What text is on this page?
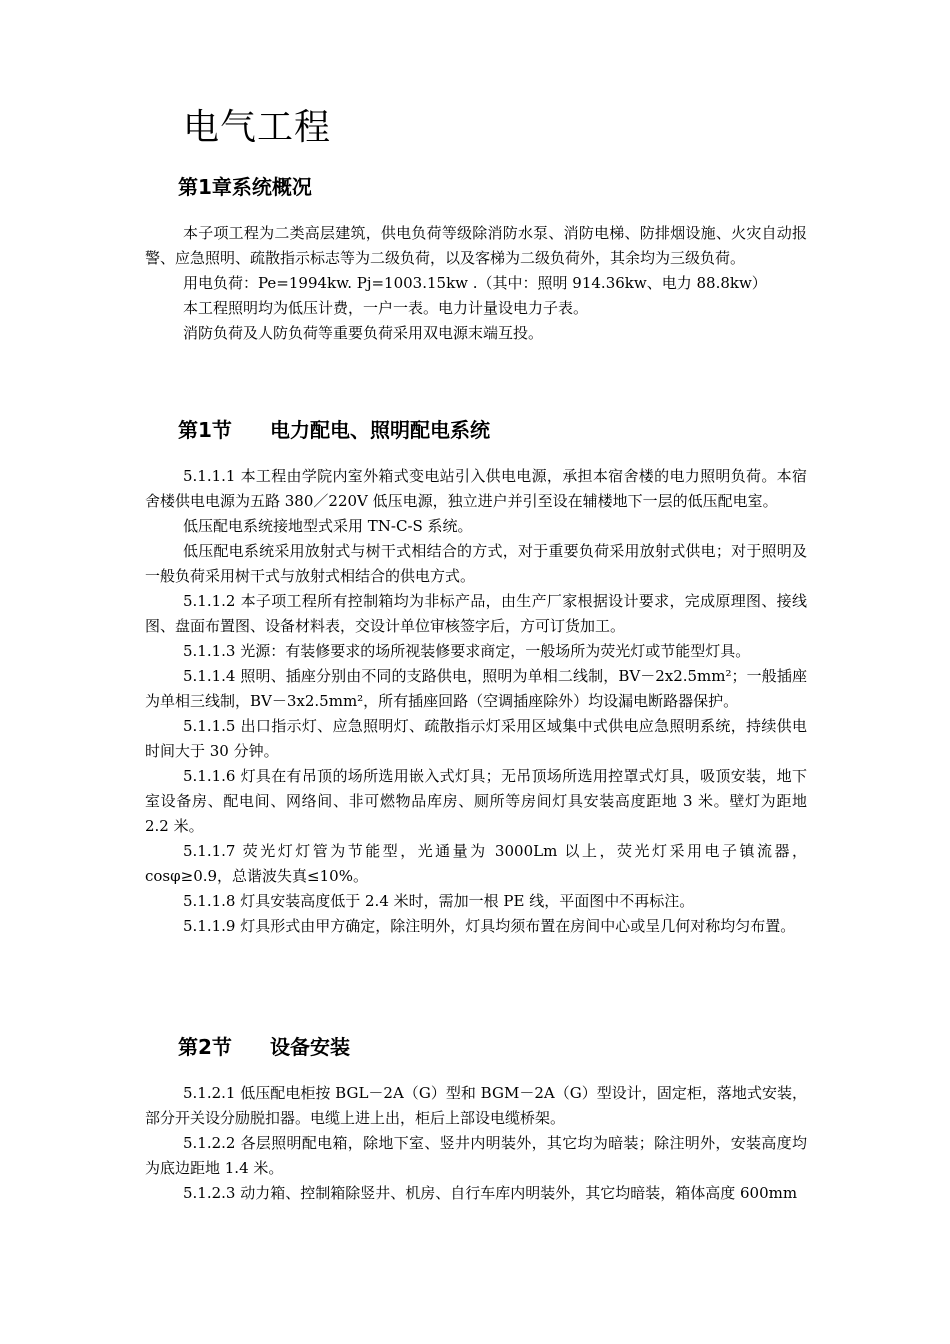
电气工程
第1章系统概况

本子项工程为二类高层建筑，供电负荷等级除消防水泵、消防电梯、防排烟设施、火灾自动报警、应急照明、疏散指示标志等为二级负荷，以及客梯为二级负荷外，其余均为三级负荷。

用电负荷：Pe=1994kw. Pj=1003.15kw .（其中：照明 914.36kw、电力 88.8kw）

本工程照明均为低压计费，一户一表。电力计量设电力子表。

消防负荷及人防负荷等重要负荷采用双电源末端互投。

第1节 电力配电、照明配电系统

5.1.1.1 本工程由学院内室外箱式变电站引入供电电源，承担本宿舍楼的电力照明负荷。本宿舍楼供电电源为五路 380／220V 低压电源，独立进户并引至设在辅楼地下一层的低压配电室。

低压配电系统接地型式采用 TN-C-S 系统。

低压配电系统采用放射式与树干式相结合的方式，对于重要负荷采用放射式供电；对于照明及一般负荷采用树干式与放射式相结合的供电方式。

5.1.1.2 本子项工程所有控制箱均为非标产品，由生产厂家根据设计要求，完成原理图、接线图、盘面布置图、设备材料表，交设计单位审核签字后，方可订货加工。

5.1.1.3 光源：有装修要求的场所视装修要求商定，一般场所为荧光灯或节能型灯具。

5.1.1.4 照明、插座分别由不同的支路供电，照明为单相二线制，BV－2x2.5mm²；一般插座为单相三线制，BV－3x2.5mm²，所有插座回路（空调插座除外）均设漏电断路器保护。

5.1.1.5 出口指示灯、应急照明灯、疏散指示灯采用区域集中式供电应急照明系统，持续供电时间大于 30 分钟。

5.1.1.6 灯具在有吊顶的场所选用嵌入式灯具；无吊顶场所选用控罩式灯具，吸顶安装，地下室设备房、配电间、网络间、非可燃物品库房、厕所等房间灯具安装高度距地 3 米。壁灯为距地 2.2 米。

5.1.1.7 荧光灯灯管为节能型，光通量为 3000Lm 以上，荧光灯采用电子镇流器，cosφ≥0.9，总谐波失真≤10%。

5.1.1.8 灯具安装高度低于 2.4 米时，需加一根 PE 线，平面图中不再标注。

5.1.1.9 灯具形式由甲方确定，除注明外，灯具均须布置在房间中心或呈几何对称均匀布置。

第2节 设备安装

5.1.2.1 低压配电柜按 BGL－2A（G）型和 BGM－2A（G）型设计，固定柜，落地式安装，部分开关设分励脱扣器。电缆上进上出，柜后上部设电缆桥架。

5.1.2.2 各层照明配电箱，除地下室、竖井内明装外，其它均为暗装；除注明外，安装高度均为底边距地 1.4 米。

5.1.2.3 动力箱、控制箱除竖井、机房、自行车库内明装外，其它均暗装，箱体高度 600mm
